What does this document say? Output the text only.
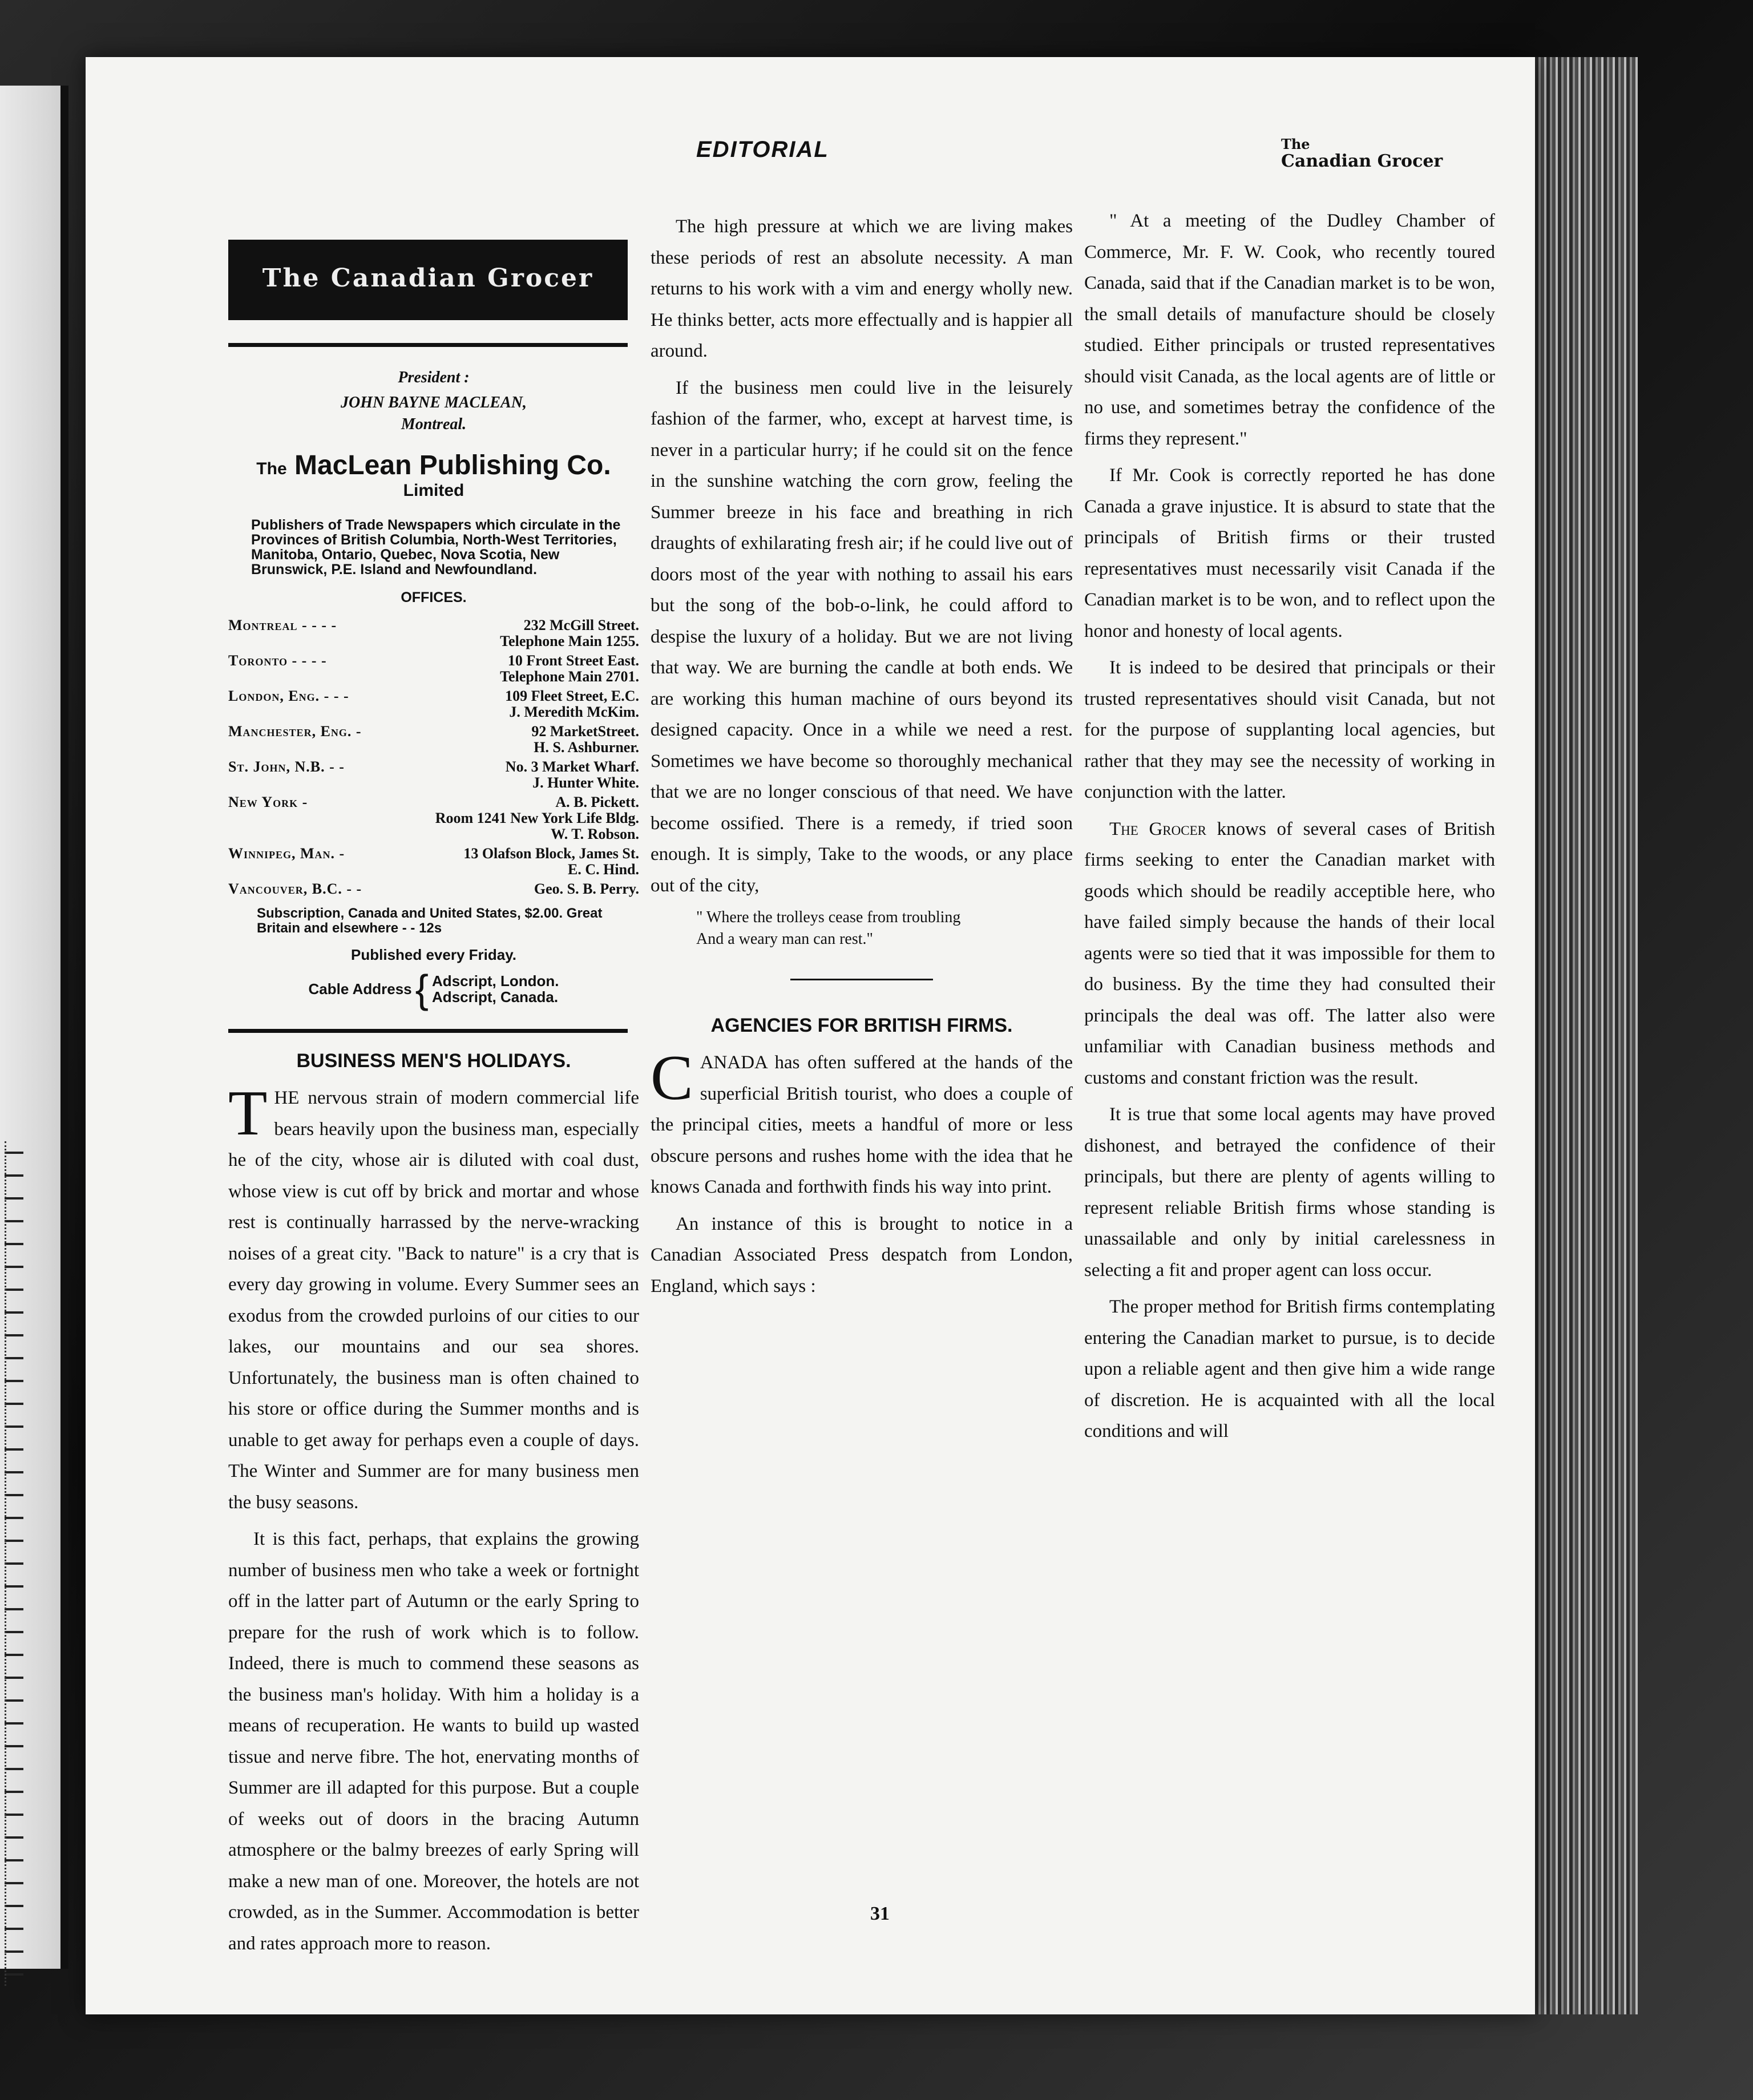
EDITORIAL	The
Canadian Grocer
The Canadian Grocer
President :
JOHN BAYNE MACLEAN,
Montreal.
The MacLean Publishing Co.
Limited
Publishers of Trade Newspapers which circulate in the Provinces of British Columbia, North-West Territories, Manitoba, Ontario, Quebec, Nova Scotia, New Brunswick, P.E. Island and Newfoundland.
OFFICES.
Montreal - - - -	232 McGill Street.
Telephone Main 1255.
Toronto - - - -	10 Front Street East.
Telephone Main 2701.
London, Eng. - - -	109 Fleet Street, E.C.
J. Meredith McKim.
Manchester, Eng. -	92 MarketStreet.
H. S. Ashburner.
St. John, N.B. - -	No. 3 Market Wharf.
J. Hunter White.
New York -	A. B. Pickett.
Room 1241 New York Life Bldg.
W. T. Robson.
Winnipeg, Man. -	13 Olafson Block, James St.
E. C. Hind.
Vancouver, B.C. - -	Geo. S. B. Perry.
Subscription, Canada and United States, $2.00. Great Britain and elsewhere - - 12s
Published every Friday.
Cable Address { Adscript, London.
Adscript, Canada.
BUSINESS MEN'S HOLIDAYS.

THE nervous strain of modern commercial life bears heavily upon the business man, especially he of the city, whose air is diluted with coal dust, whose view is cut off by brick and mortar and whose rest is continually harrassed by the nerve-wracking noises of a great city. "Back to nature" is a cry that is every day growing in volume. Every Summer sees an exodus from the crowded purloins of our cities to our lakes, our mountains and our sea shores. Unfortunately, the business man is often chained to his store or office during the Summer months and is unable to get away for perhaps even a couple of days. The Winter and Summer are for many business men the busy seasons.

It is this fact, perhaps, that explains the growing number of business men who take a week or fortnight off in the latter part of Autumn or the early Spring to prepare for the rush of work which is to follow. Indeed, there is much to commend these seasons as the business man's holiday. With him a holiday is a means of recuperation. He wants to build up wasted tissue and nerve fibre. The hot, enervating months of Summer are ill adapted for this purpose. But a couple of weeks out of doors in the bracing Autumn atmosphere or the balmy breezes of early Spring will make a new man of one. Moreover, the hotels are not crowded, as in the Summer. Accommodation is better and rates approach more to reason.

The high pressure at which we are living makes these periods of rest an absolute necessity. A man returns to his work with a vim and energy wholly new. He thinks better, acts more effectually and is happier all around.

If the business men could live in the leisurely fashion of the farmer, who, except at harvest time, is never in a particular hurry; if he could sit on the fence in the sunshine watching the corn grow, feeling the Summer breeze in his face and breathing in rich draughts of exhilarating fresh air; if he could live out of doors most of the year with nothing to assail his ears but the song of the bob-o-link, he could afford to despise the luxury of a holiday. But we are not living that way. We are burning the candle at both ends. We are working this human machine of ours beyond its designed capacity. Once in a while we need a rest. Sometimes we have become so thoroughly mechanical that we are no longer conscious of that need. We have become ossified. There is a remedy, if tried soon enough. It is simply, Take to the woods, or any place out of the city,

" Where the trolleys cease from troubling
And a weary man can rest."
AGENCIES FOR BRITISH FIRMS.

CANADA has often suffered at the hands of the superficial British tourist, who does a couple of the principal cities, meets a handful of more or less obscure persons and rushes home with the idea that he knows Canada and forthwith finds his way into print.

An instance of this is brought to notice in a Canadian Associated Press despatch from London, England, which says :

" At a meeting of the Dudley Chamber of Commerce, Mr. F. W. Cook, who recently toured Canada, said that if the Canadian market is to be won, the small details of manufacture should be closely studied. Either principals or trusted representatives should visit Canada, as the local agents are of little or no use, and sometimes betray the confidence of the firms they represent."

If Mr. Cook is correctly reported he has done Canada a grave injustice. It is absurd to state that the principals of British firms or their trusted representatives must necessarily visit Canada if the Canadian market is to be won, and to reflect upon the honor and honesty of local agents.

It is indeed to be desired that principals or their trusted representatives should visit Canada, but not for the purpose of supplanting local agencies, but rather that they may see the necessity of working in conjunction with the latter.

The Grocer knows of several cases of British firms seeking to enter the Canadian market with goods which should be readily acceptible here, who have failed simply because the hands of their local agents were so tied that it was impossible for them to do business. By the time they had consulted their principals the deal was off. The latter also were unfamiliar with Canadian business methods and customs and constant friction was the result.

It is true that some local agents may have proved dishonest, and betrayed the confidence of their principals, but there are plenty of agents willing to represent reliable British firms whose standing is unassailable and only by initial carelessness in selecting a fit and proper agent can loss occur.

The proper method for British firms contemplating entering the Canadian market to pursue, is to decide upon a reliable agent and then give him a wide range of discretion. He is acquainted with all the local conditions and will

31
